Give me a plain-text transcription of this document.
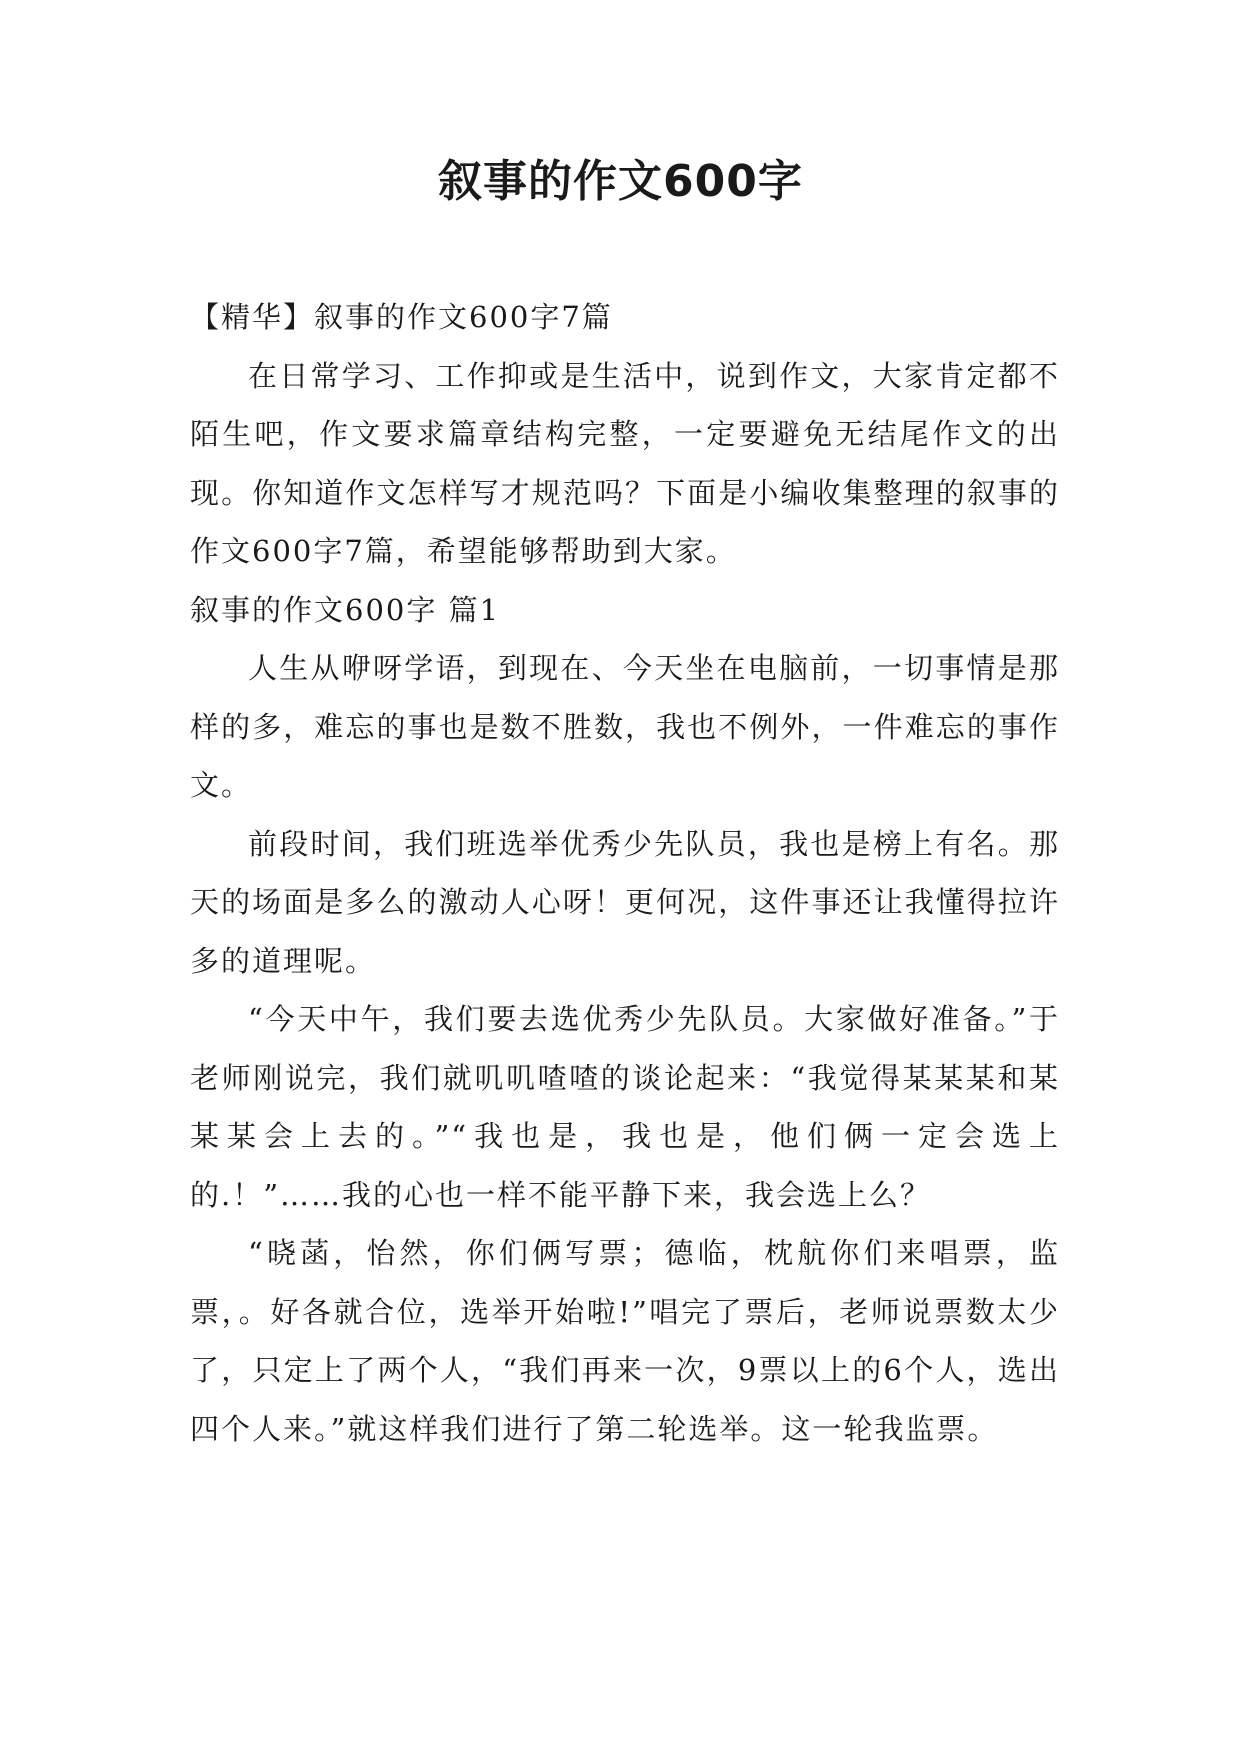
叙事的作文600字

【精华】叙事的作文600字7篇

在日常学习、工作抑或是生活中，说到作文，大家肯定都不陌生吧，作文要求篇章结构完整，一定要避免无结尾作文的出现。你知道作文怎样写才规范吗？下面是小编收集整理的叙事的作文600字7篇，希望能够帮助到大家。

叙事的作文600字 篇1

人生从咿呀学语，到现在、今天坐在电脑前，一切事情是那样的多，难忘的事也是数不胜数，我也不例外，一件难忘的事作文。

前段时间，我们班选举优秀少先队员，我也是榜上有名。那天的场面是多么的激动人心呀！更何况，这件事还让我懂得拉许多的道理呢。

“今天中午，我们要去选优秀少先队员。大家做好准备。”于老师刚说完，我们就叽叽喳喳的谈论起来：“我觉得某某某和某某某会上去的。”“我也是，我也是，他们俩一定会选上的.！”……我的心也一样不能平静下来，我会选上么？

“晓菡，怡然，你们俩写票；德临，枕航你们来唱票，监票，。好各就合位，选举开始啦!”唱完了票后，老师说票数太少了，只定上了两个人，“我们再来一次，9票以上的6个人，选出四个人来。”就这样我们进行了第二轮选举。这一轮我监票。
